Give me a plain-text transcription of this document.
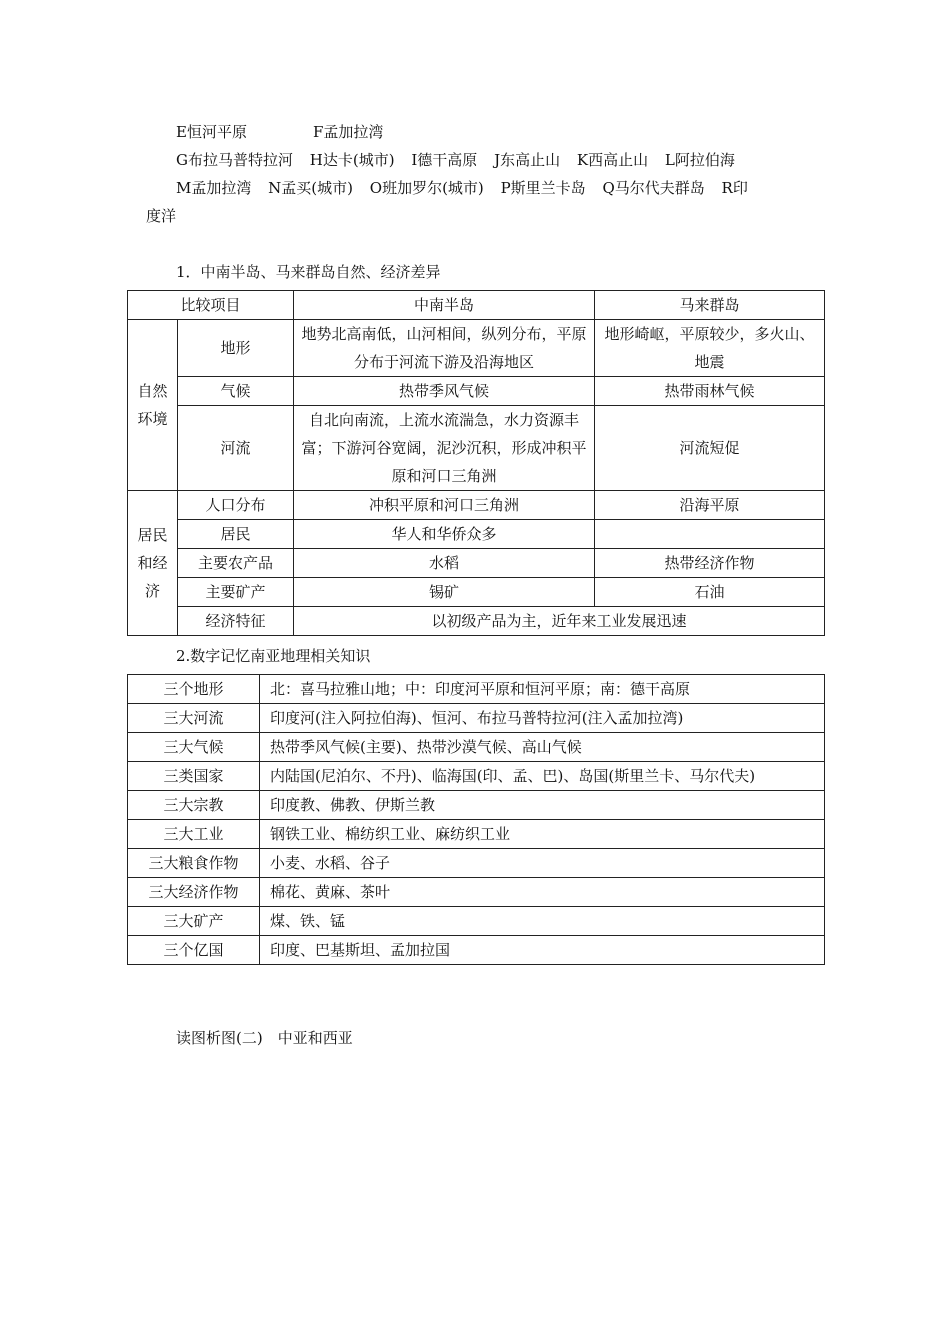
E恒河平原	F孟加拉湾
G布拉马普特拉河 H达卡(城市) I德干高原 J东高止山 K西高止山 L阿拉伯海
M孟加拉湾 N孟买(城市) O班加罗尔(城市) P斯里兰卡岛 Q马尔代夫群岛 R印
度洋
1．中南半岛、马来群岛自然、经济差异
比较项目		中南半岛	马来群岛
自然
环境	地形	地势北高南低，山河相间，纵列分布，平原分布于河流下游及沿海地区	地形崎岖，平原较少，多火山、地震
	气候	热带季风气候	热带雨林气候
	河流	自北向南流，上流水流湍急，水力资源丰富；下游河谷宽阔，泥沙沉积，形成冲积平原和河口三角洲	河流短促
居民
和经
济	人口分布	冲积平原和河口三角洲	沿海平原
	居民	华人和华侨众多	
	主要农产品	水稻	热带经济作物
	主要矿产	锡矿	石油
	经济特征	以初级产品为主，近年来工业发展迅速	
2.数字记忆南亚地理相关知识
三个地形	北：喜马拉雅山地；中：印度河平原和恒河平原；南：德干高原
三大河流	印度河(注入阿拉伯海)、恒河、布拉马普特拉河(注入孟加拉湾)
三大气候	热带季风气候(主要)、热带沙漠气候、高山气候
三类国家	内陆国(尼泊尔、不丹)、临海国(印、孟、巴)、岛国(斯里兰卡、马尔代夫)
三大宗教	印度教、佛教、伊斯兰教
三大工业	钢铁工业、棉纺织工业、麻纺织工业
三大粮食作物	小麦、水稻、谷子
三大经济作物	棉花、黄麻、茶叶
三大矿产	煤、铁、锰
三个亿国	印度、巴基斯坦、孟加拉国
读图析图(二)　中亚和西亚
